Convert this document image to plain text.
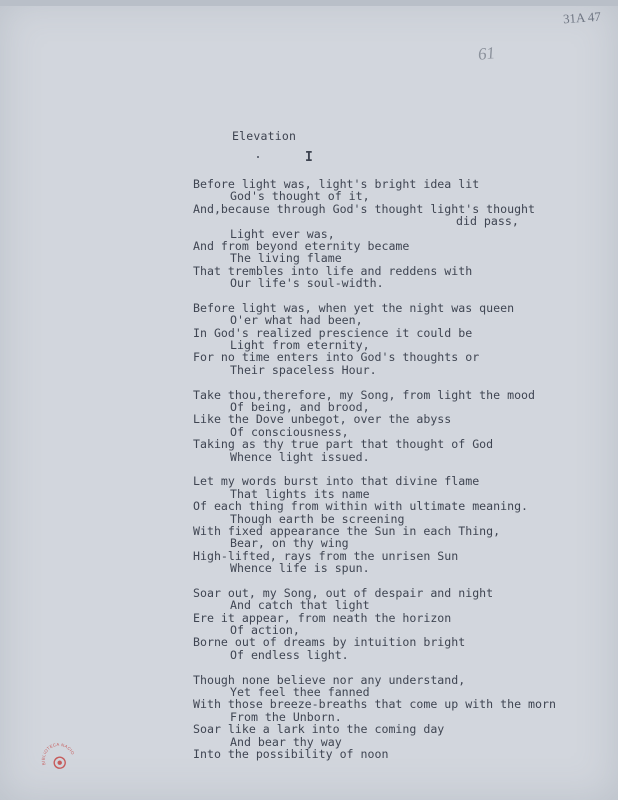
31A 47
61
Elevation
I
Before light was, light's bright idea lit
God's thought of it,
And,because through God's thought light's thought
did pass,
Light ever was,
And from beyond eternity became
The living flame
That trembles into life and reddens with
Our life's soul-width.
Before light was, when yet the night was queen
O'er what had been,
In God's realized prescience it could be
Light from eternity,
For no time enters into God's thoughts or
Their spaceless Hour.
Take thou,therefore, my Song, from light the mood
Of being, and brood,
Like the Dove unbegot, over the abyss
Of consciousness,
Taking as thy true part that thought of God
Whence light issued.
Let my words burst into that divine flame
That lights its name
Of each thing from within with ultimate meaning.
Though earth be screening
With fixed appearance the Sun in each Thing,
Bear, on thy wing
High-lifted, rays from the unrisen Sun
Whence life is spun.
Soar out, my Song, out of despair and night
And catch that light
Ere it appear, from neath the horizon
Of action,
Borne out of dreams by intuition bright
Of endless light.
Though none believe nor any understand,
Yet feel thee fanned
With those breeze-breaths that come up with the morn
From the Unborn.
Soar like a lark into the coming day
And bear thy way
Into the possibility of noon
BIBLIOTECA NACIONAL
